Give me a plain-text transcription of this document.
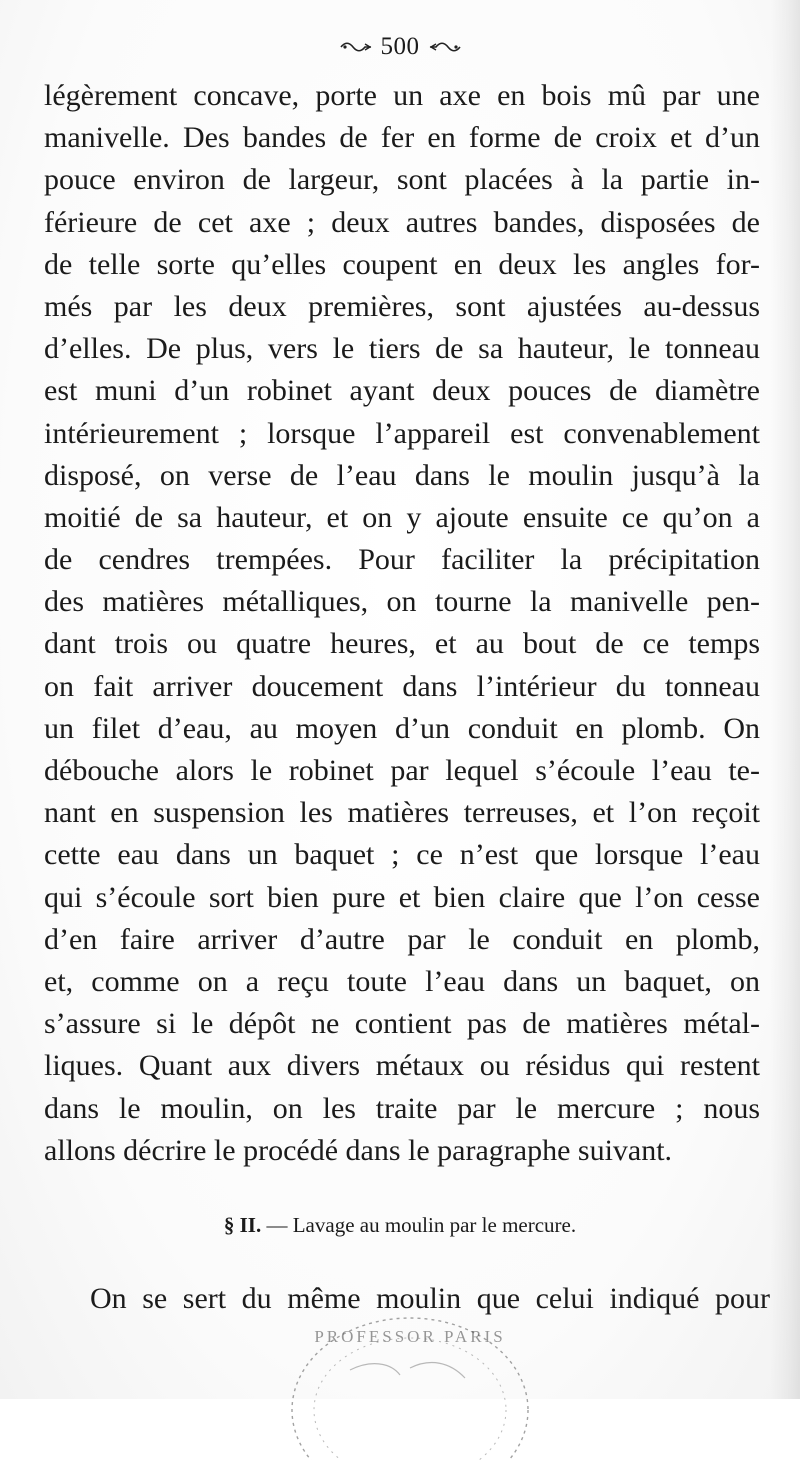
500
légèrement concave, porte un axe en bois mû par une
manivelle. Des bandes de fer en forme de croix et d’un
pouce environ de largeur, sont placées à la partie in-
férieure de cet axe ; deux autres bandes, disposées de
de telle sorte qu’elles coupent en deux les angles for-
més par les deux premières, sont ajustées au-dessus
d’elles. De plus, vers le tiers de sa hauteur, le tonneau
est muni d’un robinet ayant deux pouces de diamètre
intérieurement ; lorsque l’appareil est convenablement
disposé, on verse de l’eau dans le moulin jusqu’à la
moitié de sa hauteur, et on y ajoute ensuite ce qu’on a
de cendres trempées. Pour faciliter la précipitation
des matières métalliques, on tourne la manivelle pen-
dant trois ou quatre heures, et au bout de ce temps
on fait arriver doucement dans l’intérieur du tonneau
un filet d’eau, au moyen d’un conduit en plomb. On
débouche alors le robinet par lequel s’écoule l’eau te-
nant en suspension les matières terreuses, et l’on reçoit
cette eau dans un baquet ; ce n’est que lorsque l’eau
qui s’écoule sort bien pure et bien claire que l’on cesse
d’en faire arriver d’autre par le conduit en plomb,
et, comme on a reçu toute l’eau dans un baquet, on
s’assure si le dépôt ne contient pas de matières métal-
liques. Quant aux divers métaux ou résidus qui restent
dans le moulin, on les traite par le mercure ; nous
allons décrire le procédé dans le paragraphe suivant.
§ II. — Lavage au moulin par le mercure.
On se sert du même moulin que celui indiqué pour
PROFESSOR PARIS
